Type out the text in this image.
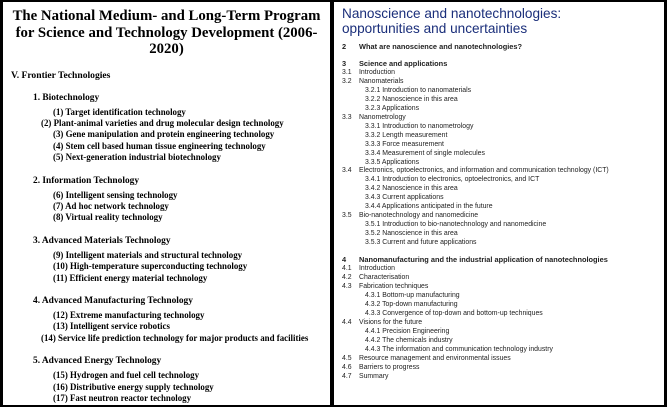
The National Medium- and Long-Term Program
for Science and Technology Development (2006-
2020)
V. Frontier Technologies
1. Biotechnology
(1) Target identification technology
(2) Plant-animal varieties and drug molecular design technology
(3) Gene manipulation and protein engineering technology
(4) Stem cell based human tissue engineering technology
(5) Next-generation industrial biotechnology
2. Information Technology
(6) Intelligent sensing technology
(7) Ad hoc network technology
(8) Virtual reality technology
3. Advanced Materials Technology
(9) Intelligent materials and structural technology
(10) High-temperature superconducting technology
(11) Efficient energy material technology
4. Advanced Manufacturing Technology
(12) Extreme manufacturing technology
(13) Intelligent service robotics
(14) Service life prediction technology for major products and facilities
5. Advanced Energy Technology
(15) Hydrogen and fuel cell technology
(16) Distributive energy supply technology
(17) Fast neutron reactor technology
Nanoscience and nanotechnologies:
opportunities and uncertainties
2	What are nanoscience and nanotechnologies?
3	Science and applications
3.1	Introduction
3.2	Nanomaterials
3.2.1 Introduction to nanomaterials
3.2.2 Nanoscience in this area
3.2.3 Applications
3.3	Nanometrology
3.3.1 Introduction to nanometrology
3.3.2 Length measurement
3.3.3 Force measurement
3.3.4 Measurement of single molecules
3.3.5 Applications
3.4	Electronics, optoelectronics, and information and communication technology (ICT)
3.4.1 Introduction to electronics, optoelectronics, and ICT
3.4.2 Nanoscience in this area
3.4.3 Current applications
3.4.4 Applications anticipated in the future
3.5	Bio-nanotechnology and nanomedicine
3.5.1 Introduction to bio-nanotechnology and nanomedicine
3.5.2 Nanoscience in this area
3.5.3 Current and future applications
4	Nanomanufacturing and the industrial application of nanotechnologies
4.1	Introduction
4.2	Characterisation
4.3	Fabrication techniques
4.3.1 Bottom-up manufacturing
4.3.2 Top-down manufacturing
4.3.3 Convergence of top-down and bottom-up techniques
4.4	Visions for the future
4.4.1 Precision Engineering
4.4.2 The chemicals industry
4.4.3 The information and communication technology industry
4.5	Resource management and environmental issues
4.6	Barriers to progress
4.7	Summary
